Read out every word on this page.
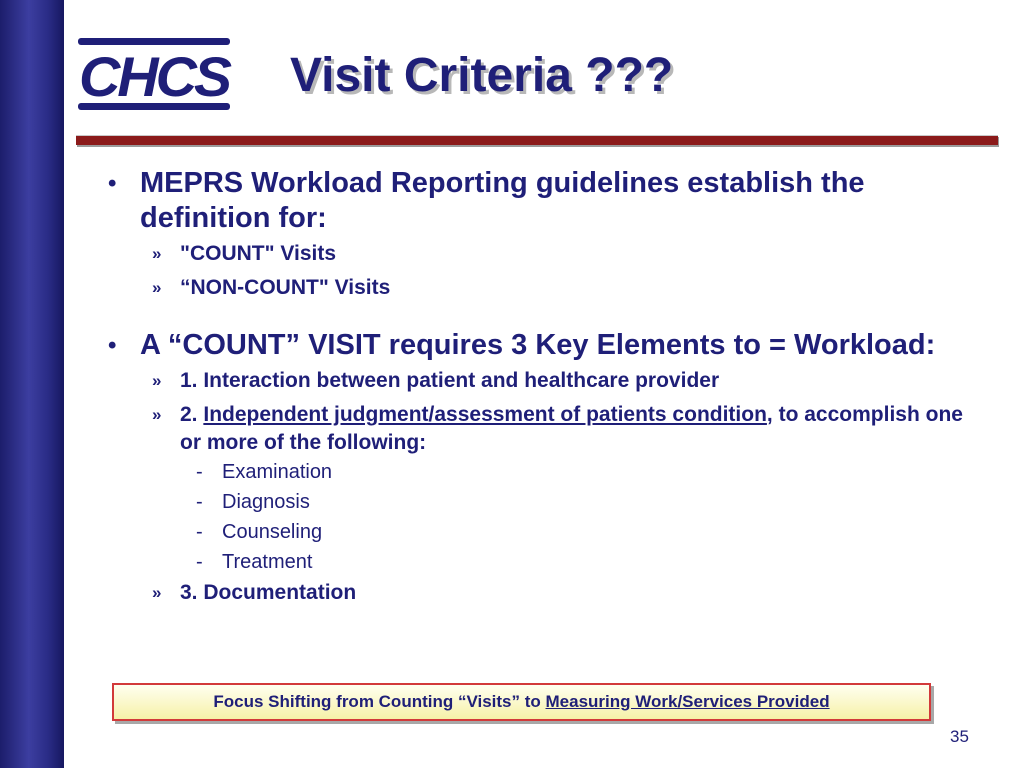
CHCS Visit Criteria ???
• MEPRS Workload Reporting guidelines establish the definition for:
» "COUNT" Visits
» “NON-COUNT" Visits
• A “COUNT” VISIT requires 3 Key Elements to = Workload:
» 1. Interaction between patient and healthcare provider
» 2. Independent judgment/assessment of patients condition, to accomplish one or more of the following:
- Examination
- Diagnosis
- Counseling
- Treatment
» 3. Documentation
Focus Shifting from Counting “Visits” to Measuring Work/Services Provided
35
